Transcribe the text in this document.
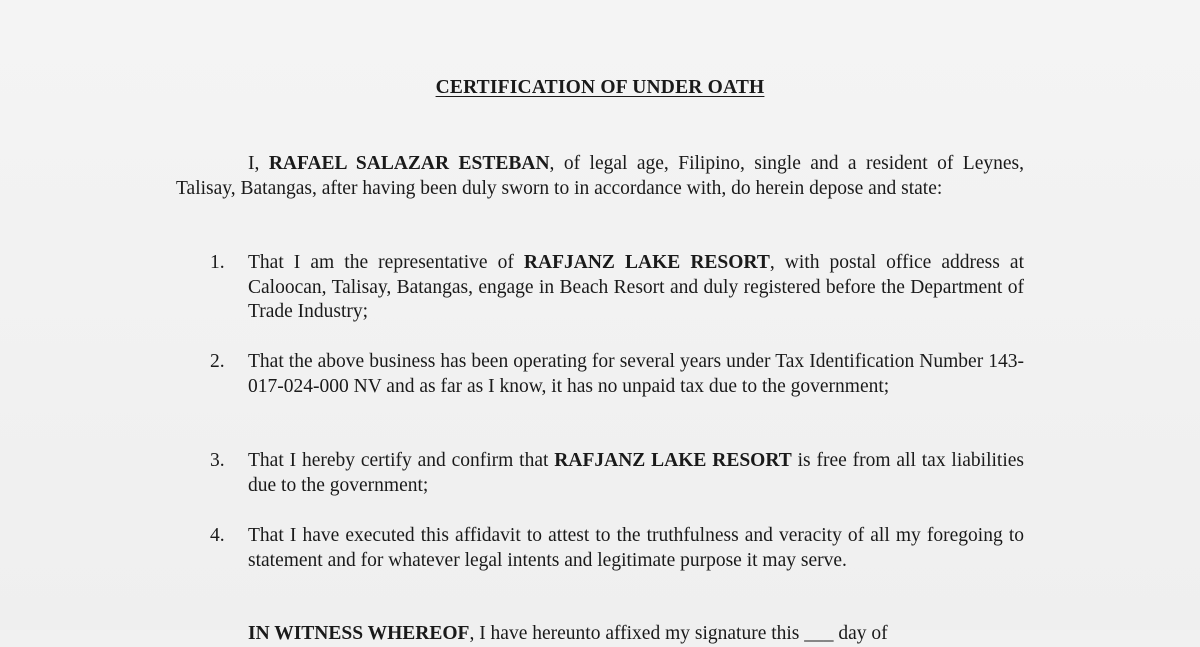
CERTIFICATION OF UNDER OATH

I, RAFAEL SALAZAR ESTEBAN, of legal age, Filipino, single and a resident of Leynes, Talisay, Batangas, after having been duly sworn to in accordance with, do herein depose and state:

1. That I am the representative of RAFJANZ LAKE RESORT, with postal office address at Caloocan, Talisay, Batangas, engage in Beach Resort and duly registered before the Department of Trade Industry;
2. That the above business has been operating for several years under Tax Identification Number 143-017-024-000 NV and as far as I know, it has no unpaid tax due to the government;
3. That I hereby certify and confirm that RAFJANZ LAKE RESORT is free from all tax liabilities due to the government;
4. That I have executed this affidavit to attest to the truthfulness and veracity of all my foregoing to statement and for whatever legal intents and legitimate purpose it may serve.

IN WITNESS WHEREOF, I have hereunto affixed my signature this ___ day of
